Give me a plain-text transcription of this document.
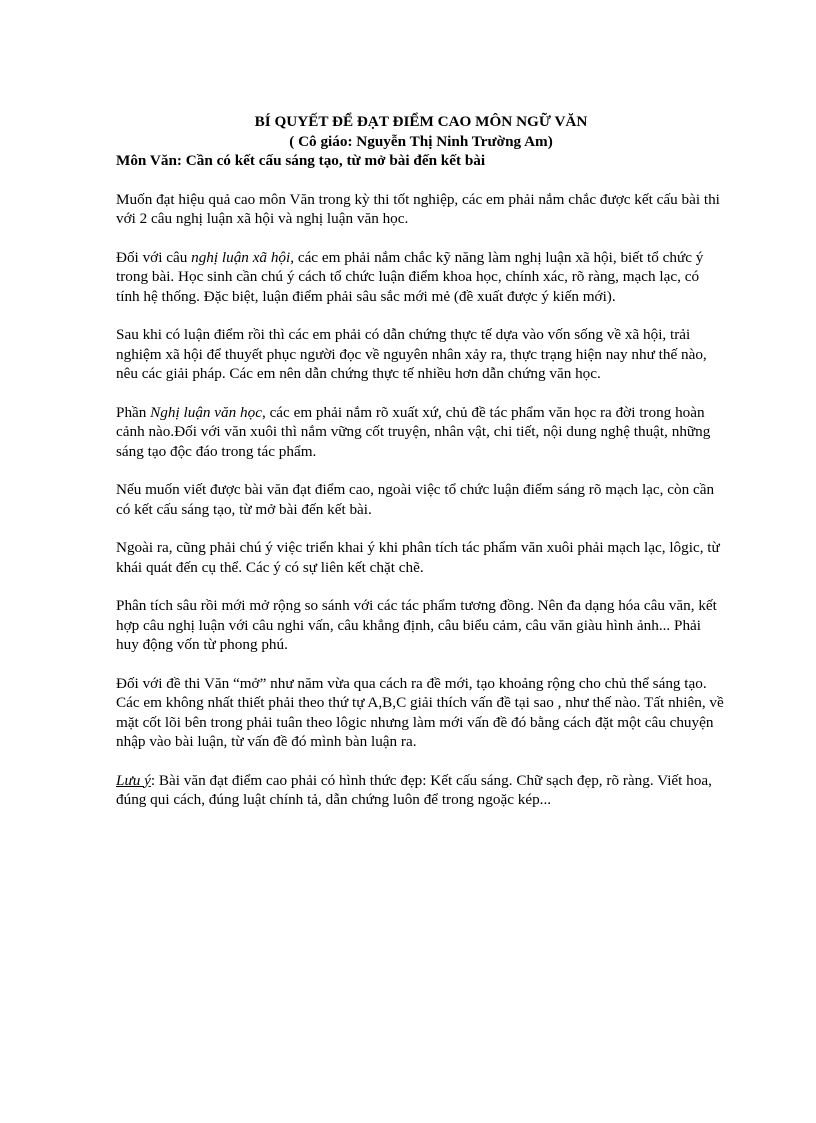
BÍ QUYẾT ĐỂ ĐẠT ĐIỂM CAO MÔN NGỮ VĂN

( Cô giáo: Nguyễn Thị Ninh Trường Am)

Môn Văn: Cần có kết cấu sáng tạo, từ mở bài đến kết bài

Muốn đạt hiệu quả cao môn Văn trong kỳ thi tốt nghiệp, các em phải nắm chắc được kết cấu bài thi với 2 câu nghị luận xã hội và nghị luận văn học.

Đối với câu nghị luận xã hội, các em phải nắm chắc kỹ năng làm nghị luận xã hội, biết tổ chức ý trong bài. Học sinh cần chú ý cách tổ chức luận điểm khoa học, chính xác, rõ ràng, mạch lạc, có tính hệ thống. Đặc biệt, luận điểm phải sâu sắc mới mẻ (đề xuất được ý kiến mới).

Sau khi có luận điểm rồi thì các em phải có dẫn chứng thực tế dựa vào vốn sống về xã hội, trải nghiệm xã hội để thuyết phục người đọc về nguyên nhân xảy ra, thực trạng hiện nay như thế nào, nêu các giải pháp. Các em nên dẫn chứng thực tế nhiều hơn dẫn chứng văn học.

Phần Nghị luận văn học, các em phải nắm rõ xuất xứ, chủ đề tác phẩm văn học ra đời trong hoàn cảnh nào.Đối với văn xuôi thì nắm vững cốt truyện, nhân vật, chi tiết, nội dung nghệ thuật, những sáng tạo độc đáo trong tác phẩm.

Nếu muốn viết được bài văn đạt điểm cao, ngoài việc tổ chức luận điểm sáng rõ mạch lạc, còn cần có kết cấu sáng tạo, từ mở bài đến kết bài.

Ngoài ra, cũng phải chú ý việc triển khai ý khi phân tích tác phẩm văn xuôi phải mạch lạc, lôgic, từ khái quát đến cụ thể. Các ý có sự liên kết chặt chẽ.

Phân tích sâu rồi mới mở rộng so sánh với các tác phẩm tương đồng. Nên đa dạng hóa câu văn, kết hợp câu nghị luận với câu nghi vấn, câu khẳng định, câu biểu cảm, câu văn giàu hình ảnh... Phải huy động vốn từ phong phú.

Đối với đề thi Văn “mở” như năm vừa qua cách ra đề mới, tạo khoảng rộng cho chủ thể sáng tạo. Các em không nhất thiết phải theo thứ tự A,B,C giải thích vấn đề tại sao , như thế nào. Tất nhiên, về mặt cốt lõi bên trong phải tuân theo lôgic nhưng làm mới vấn đề đó bằng cách đặt một câu chuyện nhập vào bài luận, từ vấn đề đó mình bàn luận ra.

Lưu ý: Bài văn đạt điểm cao phải có hình thức đẹp: Kết cấu sáng. Chữ sạch đẹp, rõ ràng. Viết hoa, đúng qui cách, đúng luật chính tả, dẫn chứng luôn để trong ngoặc kép...
